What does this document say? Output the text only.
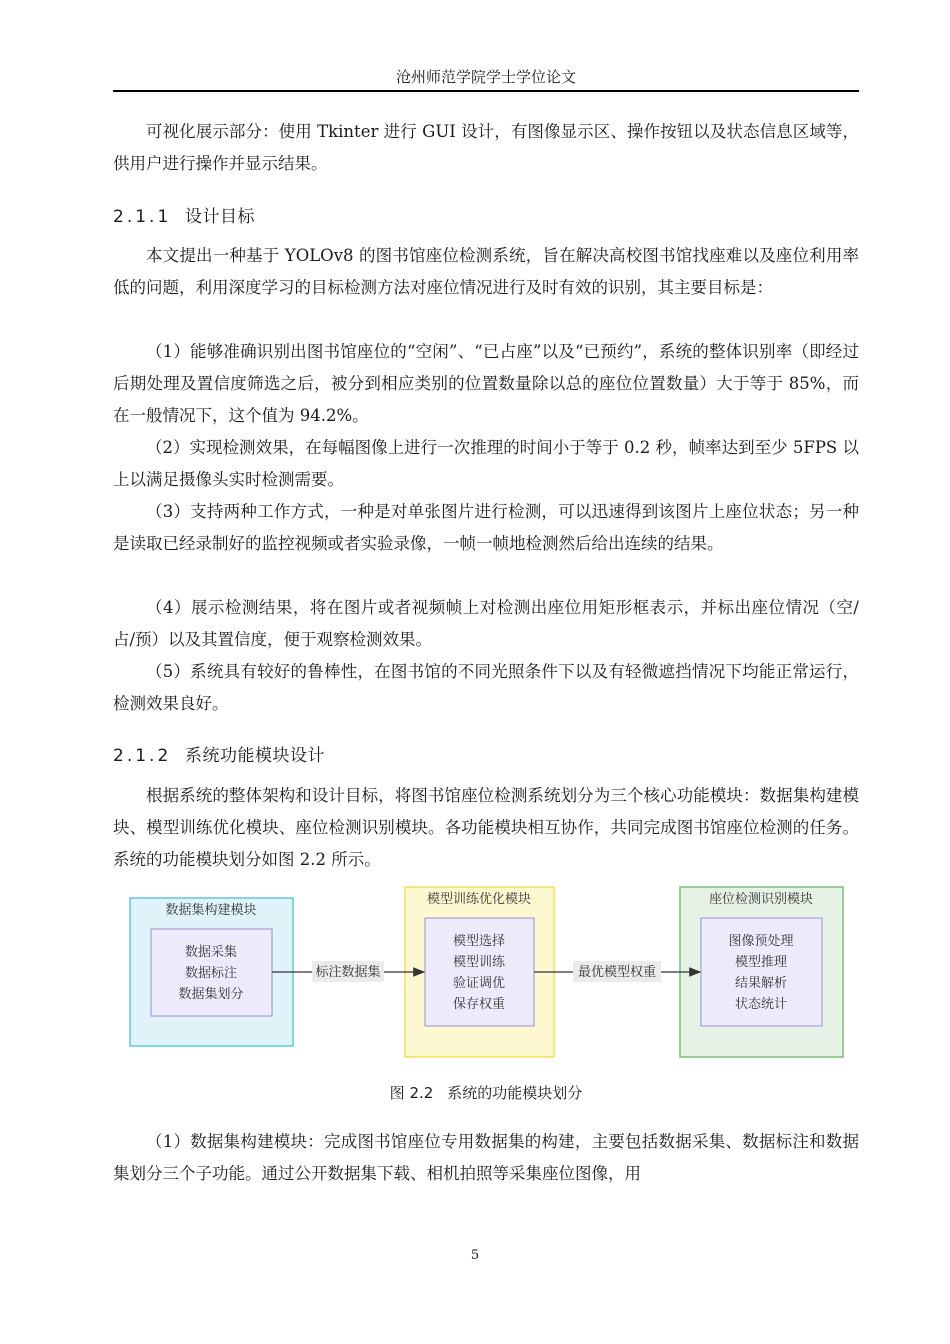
沧州师范学院学士学位论文

可视化展示部分：使用 Tkinter 进行 GUI 设计，有图像显示区、操作按钮以及状态信息区域等，供用户进行操作并显示结果。

2.1.1 设计目标

本文提出一种基于 YOLOv8 的图书馆座位检测系统，旨在解决高校图书馆找座难以及座位利用率低的问题，利用深度学习的目标检测方法对座位情况进行及时有效的识别，其主要目标是：

（1）能够准确识别出图书馆座位的“空闲”、“已占座”以及“已预约”，系统的整体识别率（即经过后期处理及置信度筛选之后，被分到相应类别的位置数量除以总的座位位置数量）大于等于 85%，而在一般情况下，这个值为 94.2%。

（2）实现检测效果，在每幅图像上进行一次推理的时间小于等于 0.2 秒，帧率达到至少 5FPS 以上以满足摄像头实时检测需要。

（3）支持两种工作方式，一种是对单张图片进行检测，可以迅速得到该图片上座位状态；另一种是读取已经录制好的监控视频或者实验录像，一帧一帧地检测然后给出连续的结果。

（4）展示检测结果，将在图片或者视频帧上对检测出座位用矩形框表示，并标出座位情况（空/占/预）以及其置信度，便于观察检测效果。

（5）系统具有较好的鲁棒性，在图书馆的不同光照条件下以及有轻微遮挡情况下均能正常运行，检测效果良好。

2.1.2 系统功能模块设计

根据系统的整体架构和设计目标，将图书馆座位检测系统划分为三个核心功能模块：数据集构建模块、模型训练优化模块、座位检测识别模块。各功能模块相互协作，共同完成图书馆座位检测的任务。系统的功能模块划分如图 2.2 所示。

数据集构建模块
数据采集
数据标注
数据集划分
模型训练优化模块
模型选择
模型训练
验证调优
保存权重
座位检测识别模块
图像预处理
模型推理
结果解析
状态统计
标注数据集	最优模型权重
图 2.2 系统的功能模块划分

（1）数据集构建模块：完成图书馆座位专用数据集的构建，主要包括数据采集、数据标注和数据集划分三个子功能。通过公开数据集下载、相机拍照等采集座位图像，用

5
